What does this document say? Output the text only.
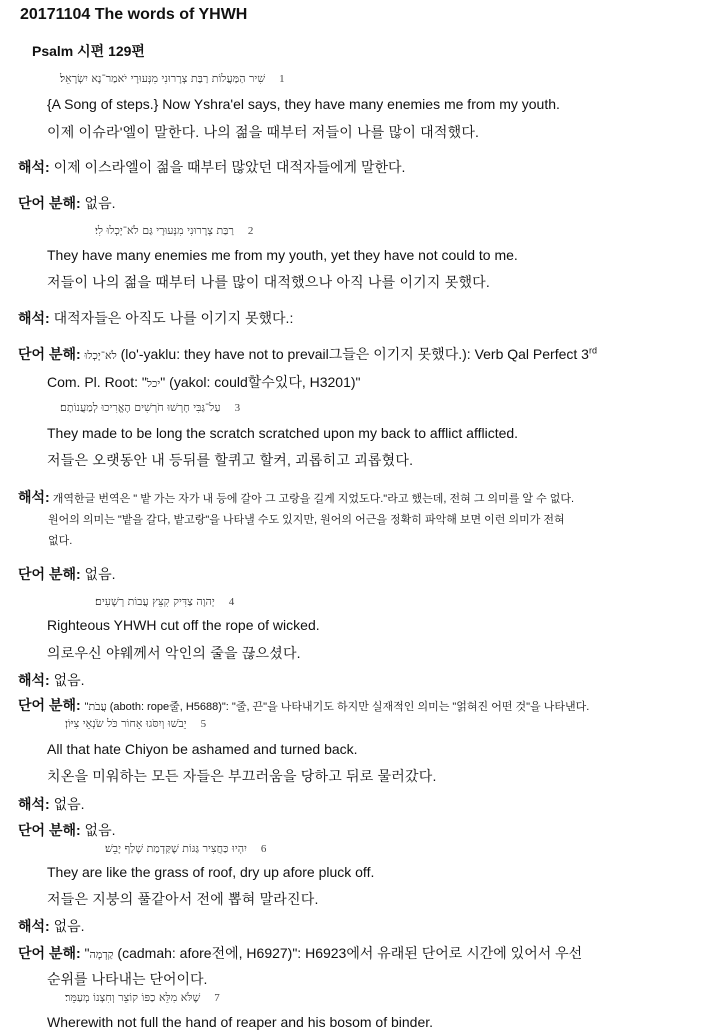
20171104 The words of YHWH
Psalm 시편 129편
שִׁיר הַמַּעֲלוֹת רַבַּת צְרָרוּנִי מִנְּעוּרָי יֹאמַר־נָא יִשְׂרָאֵל׃ 1
{A Song of steps.} Now Yshra'el says, they have many enemies me from my youth.
이제 이슈라'엘이 말한다. 나의 젊을 때부터 저들이 나를 많이 대적했다.
해석: 이제 이스라엘이 젊을 때부터 많았던 대적자들에게 말한다.
단어 분해: 없음.
רַבַּת צְרָרוּנִי מִנְּעוּרָי גַּם לֹא־יָכְלוּ לִי׃ 2
They have many enemies me from my youth, yet they have not could to me.
저들이 나의 젊을 때부터 나를 많이 대적했으나 아직 나를 이기지 못했다.
해석: 대적자들은 아직도 나를 이기지 못했다.:
단어 분해: לֹא־יָכְלוּ (lo'-yaklu: they have not to prevail그들은 이기지 못했다.): Verb Qal Perfect 3rd
Com. Pl. Root: "יכל" (yakol: could할수있다, H3201)"
עַל־גַּבִּי חָרְשׁוּ חֹרְשִׁים הֶאֱרִיכוּ לְמַעֲנוֹתָם׃ 3
They made to be long the scratch scratched upon my back to afflict afflicted.
저들은 오랫동안 내 등뒤를 할퀴고 할켜, 괴롭히고 괴롭혔다.
해석: 개역한글 번역은 " 밭 가는 자가 내 등에 갈아 그 고랑을 길게 지었도다."라고 했는데, 전혀 그 의미를 알 수 없다.
원어의 의미는 "밭을 갈다, 밭고랑"을 나타낼 수도 있지만, 원어의 어근을 정확히 파악해 보면 이런 의미가 전혀
없다.
단어 분해: 없음.
יְהוָה צַדִּיק קִצֵּץ עֲבוֹת רְשָׁעִים׃ 4
Righteous YHWH cut off the rope of wicked.
의로우신 야웨께서 악인의 줄을 끊으셨다.
해석: 없음.
단어 분해: "עֲבֹת (aboth: rope줄, H5688)": "줄, 끈"을 나타내기도 하지만 실재적인 의미는 "얽혀진 어떤 것"을 나타낸다.
יֵבֹשׁוּ וְיִסֹּגוּ אָחוֹר כֹּל שֹׂנְאֵי צִיּוֹן׃ 5
All that hate Chiyon be ashamed and turned back.
치온을 미워하는 모든 자들은 부끄러움을 당하고 뒤로 물러갔다.
해석: 없음.
단어 분해: 없음.
יִהְיוּ כַּחֲצִיר גַּגּוֹת שֶׁקַּדְמַת שָׁלַף יָבֵשׁ׃ 6
They are like the grass of roof, dry up afore pluck off.
저들은 지붕의 풀같아서 전에 뽑혀 말라진다.
해석: 없음.
단어 분해: "קַדְמָה (cadmah: afore전에, H6927)": H6923에서 유래된 단어로 시간에 있어서 우선
순위를 나타내는 단어이다.
שֶׁלֹּא מִלֵּא כַפּוֹ קוֹצֵר וְחִצְנוֹ מְעַמֵּר׃ 7
Wherewith not full the hand of reaper and his bosom of binder.
